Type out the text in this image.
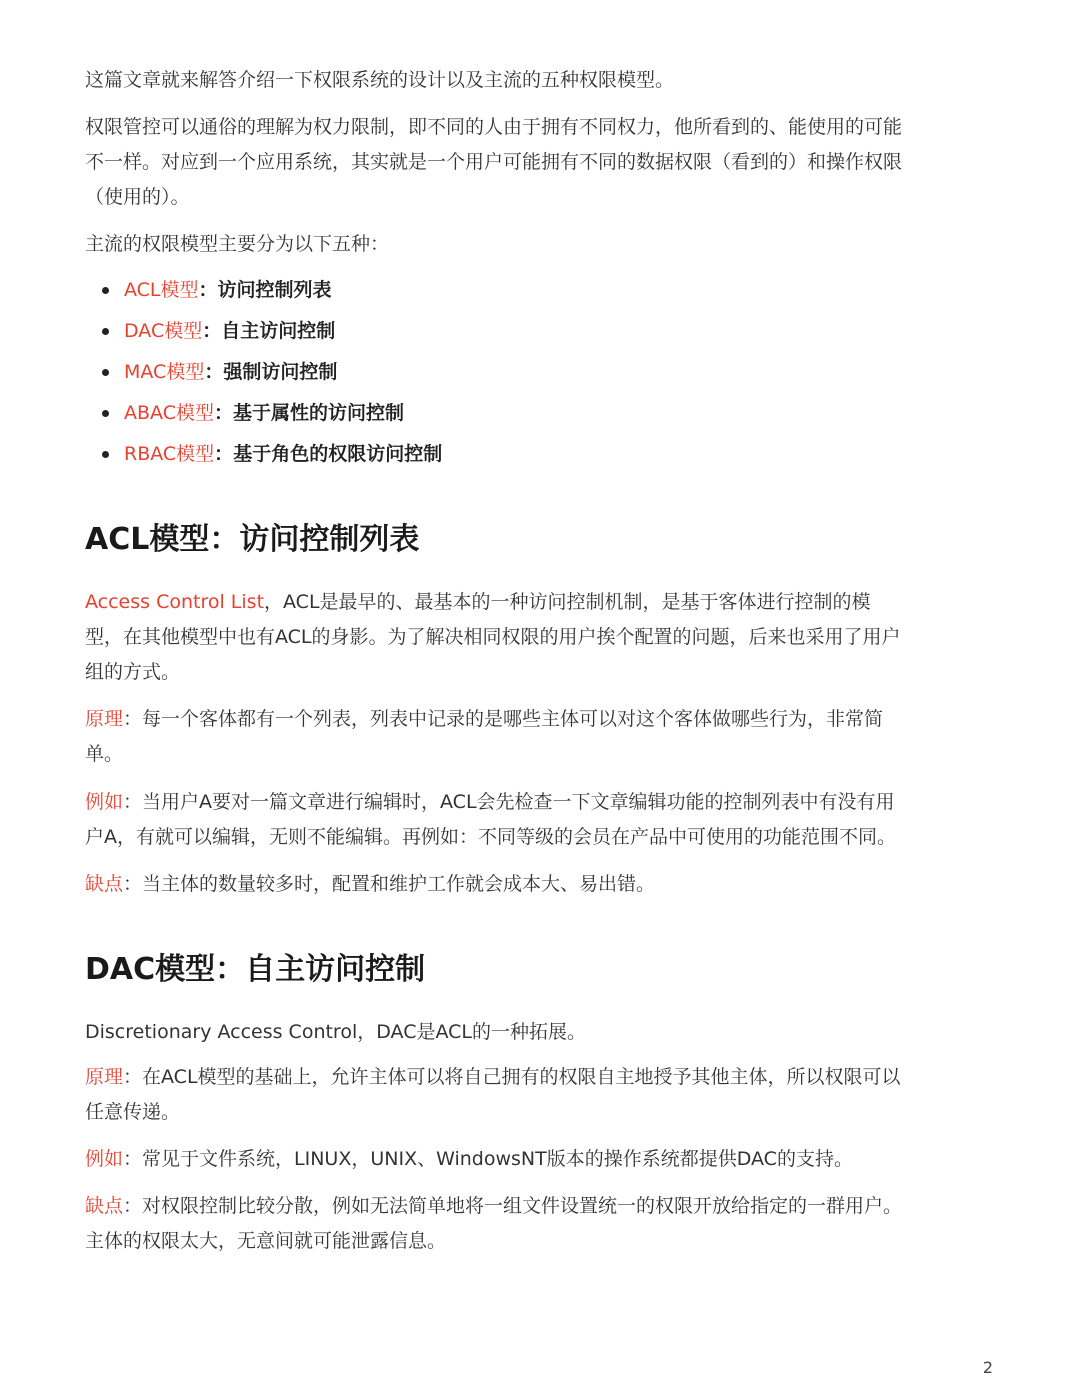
这篇文章就来解答介绍一下权限系统的设计以及主流的五种权限模型。

权限管控可以通俗的理解为权力限制，即不同的人由于拥有不同权力，他所看到的、能使用的可能
不一样。对应到一个应用系统，其实就是一个用户可能拥有不同的数据权限（看到的）和操作权限
（使用的）。

主流的权限模型主要分为以下五种：

ACL模型：访问控制列表
DAC模型：自主访问控制
MAC模型：强制访问控制
ABAC模型：基于属性的访问控制
RBAC模型：基于角色的权限访问控制
ACL模型：访问控制列表
Access Control List，ACL是最早的、最基本的一种访问控制机制，是基于客体进行控制的模
型，在其他模型中也有ACL的身影。为了解决相同权限的用户挨个配置的问题，后来也采用了用户
组的方式。
原理：每一个客体都有一个列表，列表中记录的是哪些主体可以对这个客体做哪些行为，非常简
单。
例如：当用户A要对一篇文章进行编辑时，ACL会先检查一下文章编辑功能的控制列表中有没有用
户A，有就可以编辑，无则不能编辑。再例如：不同等级的会员在产品中可使用的功能范围不同。
缺点：当主体的数量较多时，配置和维护工作就会成本大、易出错。
DAC模型：自主访问控制

Discretionary Access Control，DAC是ACL的一种拓展。

原理：在ACL模型的基础上，允许主体可以将自己拥有的权限自主地授予其他主体，所以权限可以
任意传递。
例如：常见于文件系统，LINUX，UNIX、WindowsNT版本的操作系统都提供DAC的支持。
缺点：对权限控制比较分散，例如无法简单地将一组文件设置统一的权限开放给指定的一群用户。
主体的权限太大，无意间就可能泄露信息。
2
